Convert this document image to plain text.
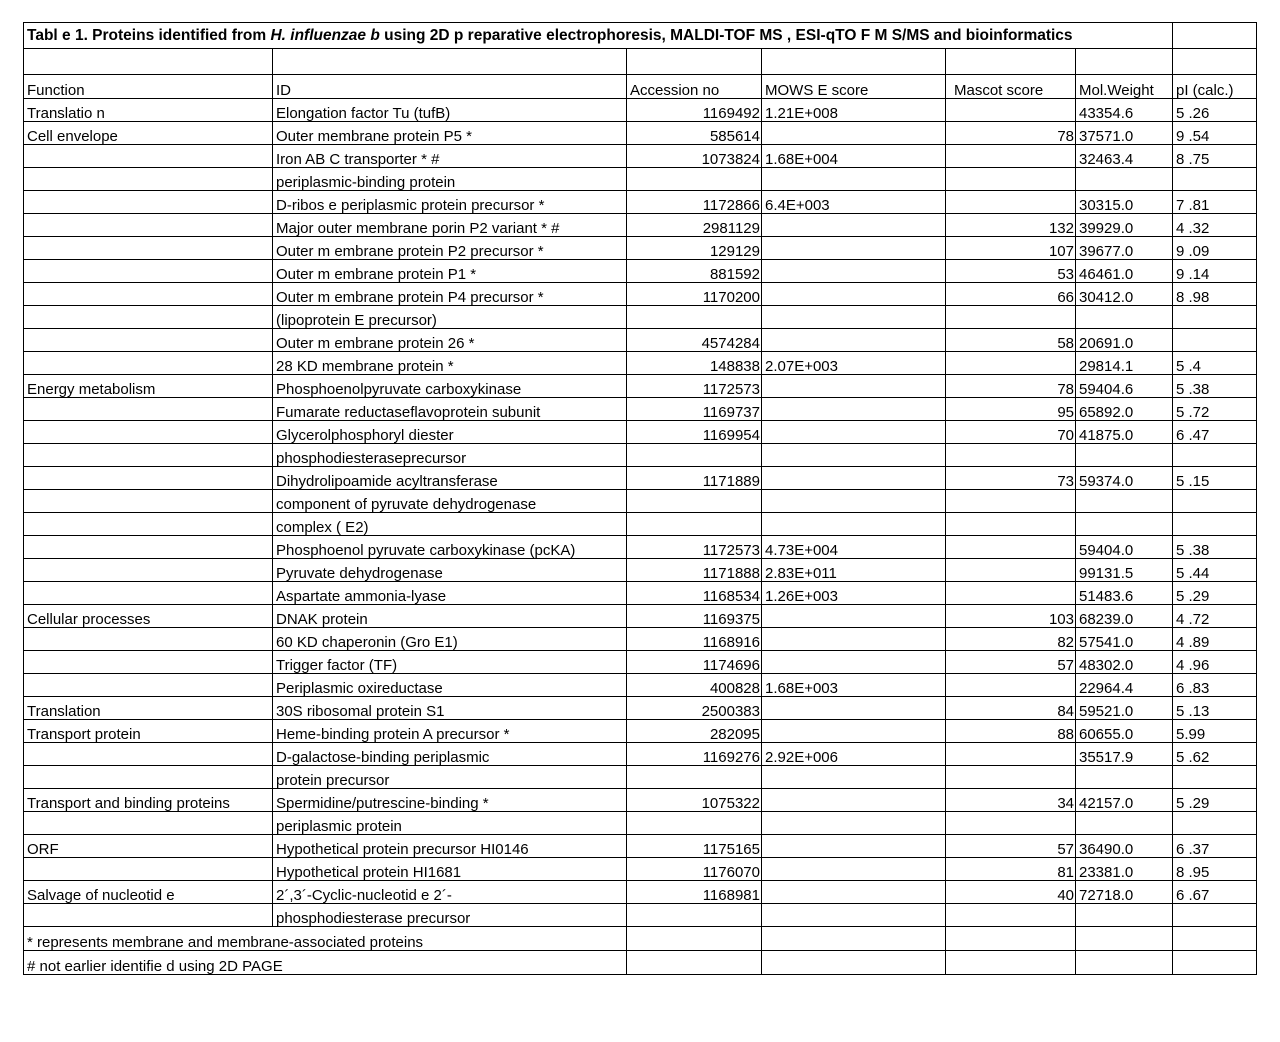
Tabl e 1. Proteins identified from H. influenzae b using 2D p reparative electrophoresis, MALDI-TOF MS , ESI-qTO F M S/MS and bioinformatics						

Function	ID	Accession no	MOWS E score	Mascot score	Mol.Weight	pI (calc.)
Translatio n	Elongation factor Tu (tufB)	1169492	1.21E+008		43354.6	5 .26
Cell envelope	Outer membrane protein P5 *	585614		78	37571.0	9 .54
	Iron AB C transporter * #	1073824	1.68E+004		32463.4	8 .75
	periplasmic-binding protein					
	D-ribos e periplasmic protein precursor *	1172866	6.4E+003		30315.0	7 .81
	Major outer membrane porin P2 variant * #	2981129		132	39929.0	4 .32
	Outer m embrane protein P2 precursor *	129129		107	39677.0	9 .09
	Outer m embrane protein P1 *	881592		53	46461.0	9 .14
	Outer m embrane protein P4 precursor *	1170200		66	30412.0	8 .98
	(lipoprotein E precursor)					
	Outer m embrane protein 26 *	4574284		58	20691.0	
	28 KD membrane protein *	148838	2.07E+003		29814.1	5 .4
Energy metabolism	Phosphoenolpyruvate carboxykinase	1172573		78	59404.6	5 .38
	Fumarate reductaseflavoprotein subunit	1169737		95	65892.0	5 .72
	Glycerolphosphoryl diester	1169954		70	41875.0	6 .47
	phosphodiesteraseprecursor					
	Dihydrolipoamide acyltransferase	1171889		73	59374.0	5 .15
	component of pyruvate dehydrogenase					
	complex ( E2)					
	Phosphoenol pyruvate carboxykinase (pcKA)	1172573	4.73E+004		59404.0	5 .38
	Pyruvate dehydrogenase	1171888	2.83E+011		99131.5	5 .44
	Aspartate ammonia-lyase	1168534	1.26E+003		51483.6	5 .29
Cellular processes	DNAK protein	1169375		103	68239.0	4 .72
	60 KD chaperonin (Gro E1)	1168916		82	57541.0	4 .89
	Trigger factor (TF)	1174696		57	48302.0	4 .96
	Periplasmic oxireductase	400828	1.68E+003		22964.4	6 .83
Translation	30S ribosomal protein S1	2500383		84	59521.0	5 .13
Transport protein	Heme-binding protein A precursor *	282095		88	60655.0	5.99
	D-galactose-binding periplasmic	1169276	2.92E+006		35517.9	5 .62
	protein precursor					
Transport and binding proteins	Spermidine/putrescine-binding *	1075322		34	42157.0	5 .29
	periplasmic protein					
ORF	Hypothetical protein precursor HI0146	1175165		57	36490.0	6 .37
	Hypothetical protein HI1681	1176070		81	23381.0	8 .95
Salvage of nucleotid e	2´,3´-Cyclic-nucleotid e 2´-	1168981		40	72718.0	6 .67
	phosphodiesterase precursor					
* represents membrane and membrane-associated proteins						
# not earlier identifie d using 2D PAGE						
